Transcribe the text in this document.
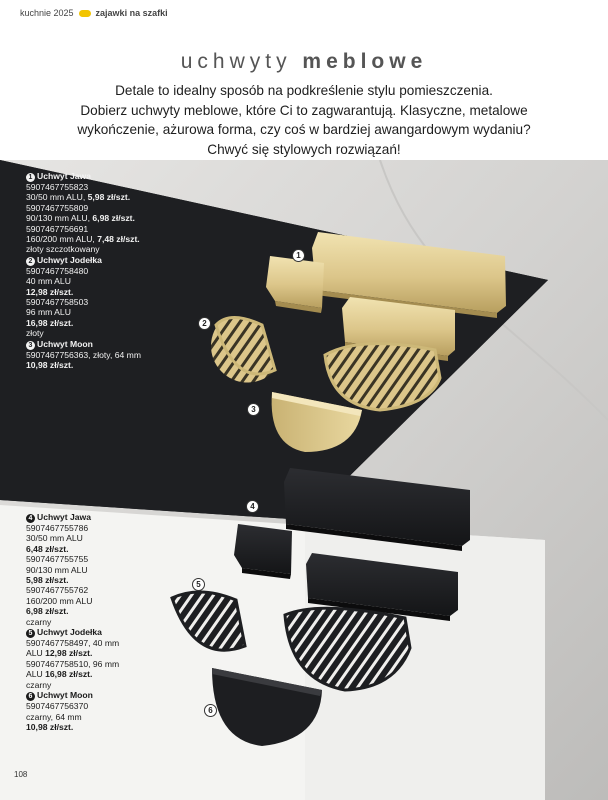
kuchnie 2025 zajawki na szafki
uchwyty meblowe
Detale to idealny sposób na podkreślenie stylu pomieszczenia.
Dobierz uchwyty meblowe, które Ci to zagwarantują. Klasyczne, metalowe
wykończenie, ażurowa forma, czy coś w bardziej awangardowym wydaniu?
Chwyć się stylowych rozwiązań!
1
2
3
4
5
6
1 Uchwyt Jawa
5907467755823
30/50 mm ALU, 5,98 zł/szt.
5907467755809
90/130 mm ALU, 6,98 zł/szt.
5907467756691
160/200 mm ALU, 7,48 zł/szt.
złoty szczotkowany
2 Uchwyt Jodełka
5907467758480
40 mm ALU
12,98 zł/szt.
5907467758503
96 mm ALU
16,98 zł/szt.
złoty
3 Uchwyt Moon
5907467756363, złoty, 64 mm
10,98 zł/szt.
4 Uchwyt Jawa
5907467755786
30/50 mm ALU
6,48 zł/szt.
5907467755755
90/130 mm ALU
5,98 zł/szt.
5907467755762
160/200 mm ALU
6,98 zł/szt.
czarny
5 Uchwyt Jodełka
5907467758497, 40 mm
ALU 12,98 zł/szt.
5907467758510, 96 mm
ALU 16,98 zł/szt.
czarny
6 Uchwyt Moon
5907467756370
czarny, 64 mm
10,98 zł/szt.
108
